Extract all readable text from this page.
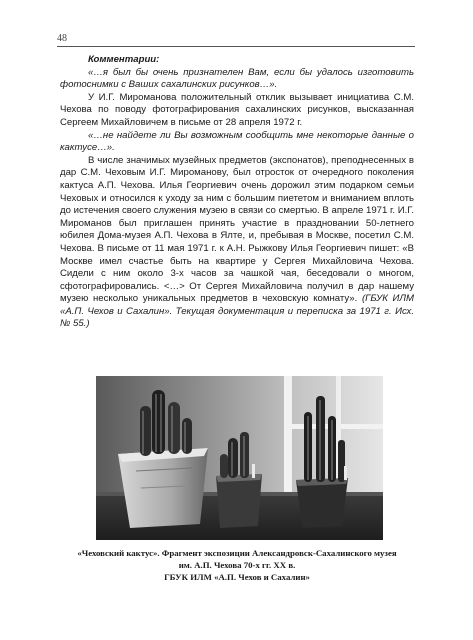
48

Комментарии:

«…я был бы очень признателен Вам, если бы удалось изготовить фотоснимки с Ваших сахалинских рисунков…».

У И.Г. Миромановa положительный отклик вызывает инициатива С.М. Чехова по поводу фотографирования сахалинских рисунков, высказанная Сергеем Михайловичем в письме от 28 апреля 1972 г.

«…не найдете ли Вы возможным сообщить мне некоторые данные о кактусе…».

В числе значимых музейных предметов (экспонатов), преподнесенных в дар С.М. Чеховым И.Г. Миромановy, был отросток от очередного поколения кактуса А.П. Чехова. Илья Георгиевич очень дорожил этим подарком семьи Чеховых и относился к уходу за ним с большим пиететом и вниманием вплоть до истечения своего служения музею в связи со смертью. В апреле 1971 г. И.Г. Мироманов был приглашен принять участие в праздновании 50-летнего юбилея Дома-музея А.П. Чехова в Ялте, и, пребывая в Москве, посетил С.М. Чехова. В письме от 11 мая 1971 г. к А.Н. Рыжкову Илья Георгиевич пишет: «В Москве имел счастье быть на квартире у Сергея Михайловича Чехова. Сидели с ним около 3-х часов за чашкой чая, беседовали о многом, сфотографировались. <…> От Сергея Михайловича получил в дар нашему музею несколько уникальных предметов в чеховскую комнату». (ГБУК ИЛМ «А.П. Чехов и Сахалин». Текущая документация и переписка за 1971 г. Исх. № 55.)

«Чеховский кактус». Фрагмент экспозиции Александровск-Сахалинского музея
им. А.П. Чехова 70-х гг. XX в.
ГБУК ИЛМ «А.П. Чехов и Сахалин»
